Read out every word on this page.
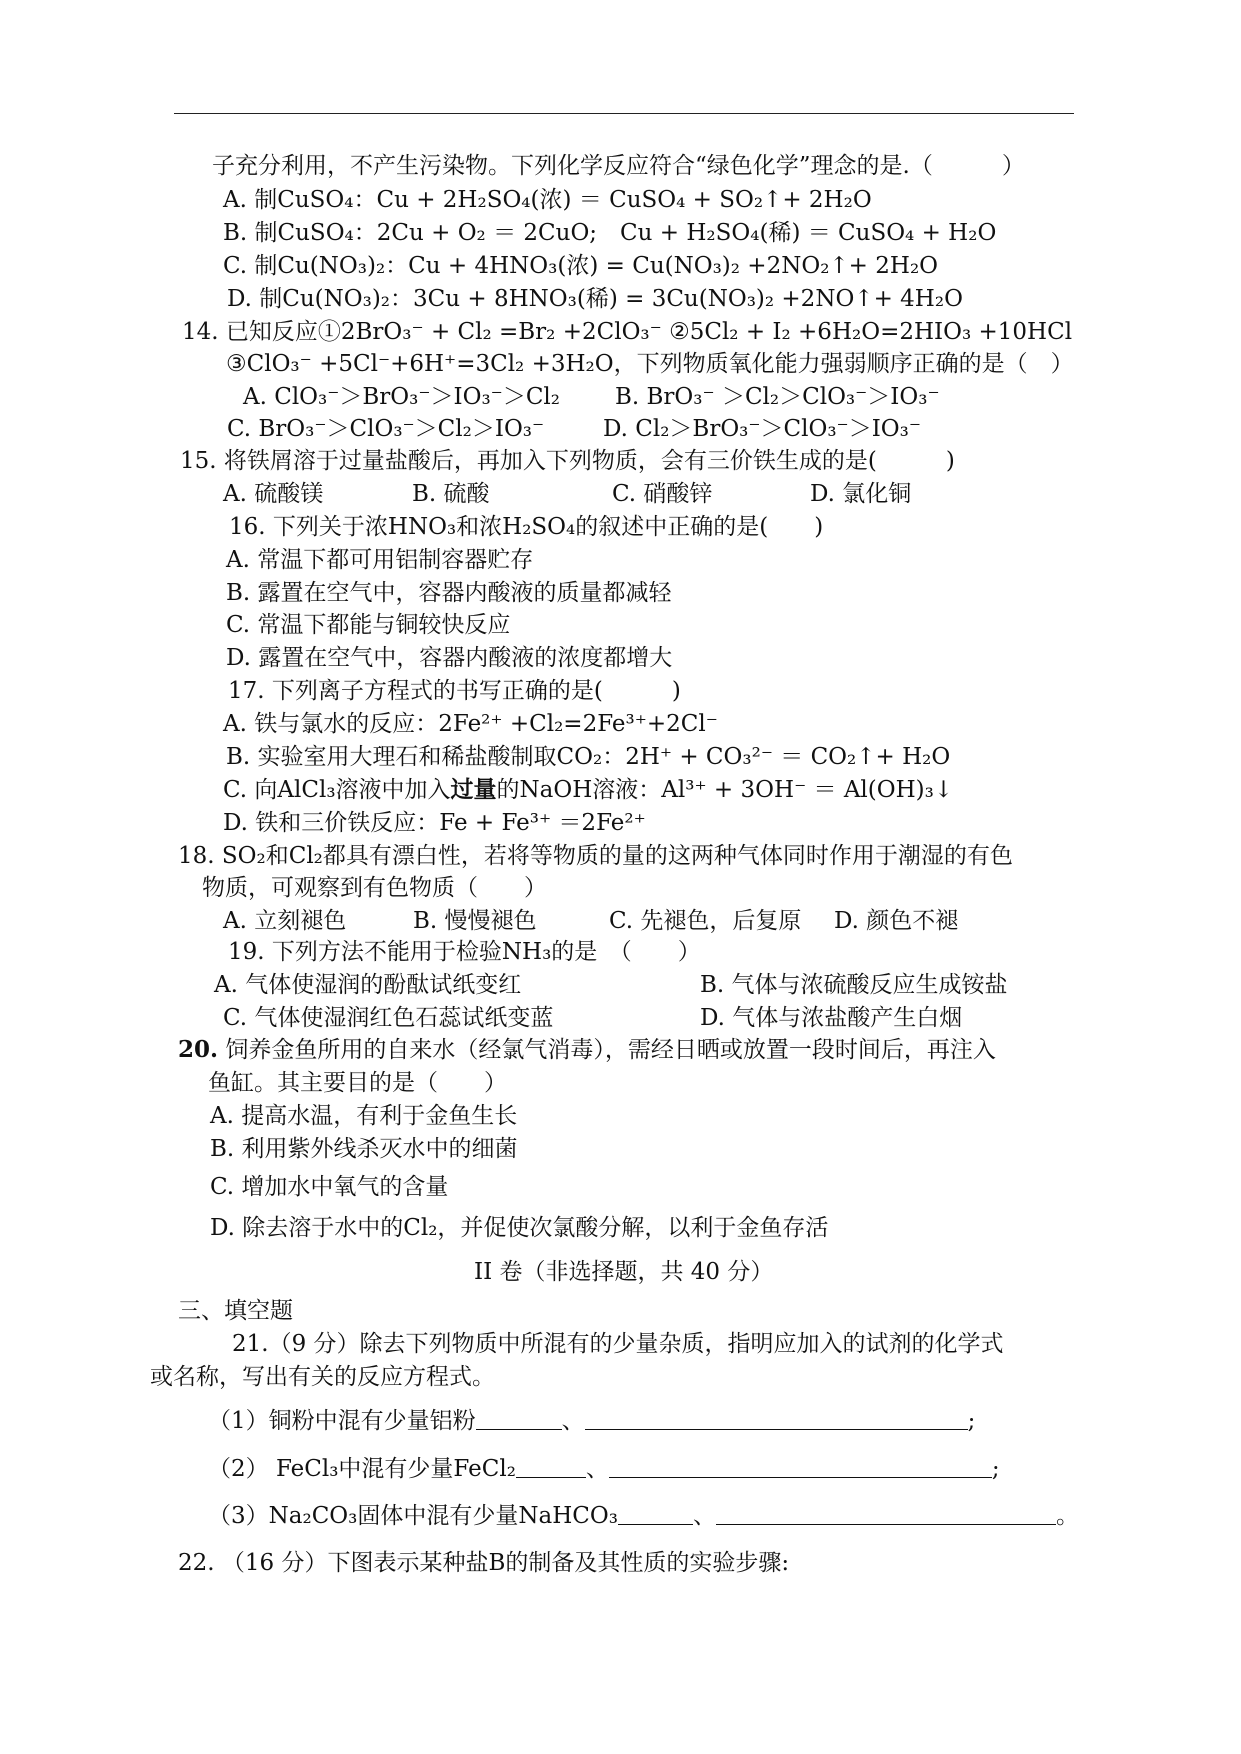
子充分利用，不产生污染物。下列化学反应符合“绿色化学”理念的是.（　　　）
A. 制CuSO₄：Cu + 2H₂SO₄(浓) ＝ CuSO₄ + SO₂↑+ 2H₂O
B. 制CuSO₄：2Cu + O₂ ＝ 2CuO;　Cu + H₂SO₄(稀) ＝ CuSO₄ + H₂O
C. 制Cu(NO₃)₂：Cu + 4HNO₃(浓) = Cu(NO₃)₂ +2NO₂↑+ 2H₂O
D. 制Cu(NO₃)₂：3Cu + 8HNO₃(稀) = 3Cu(NO₃)₂ +2NO↑+ 4H₂O
14. 已知反应①2BrO₃⁻ + Cl₂ =Br₂ +2ClO₃⁻ ②5Cl₂ + I₂ +6H₂O=2HIO₃ +10HCl
③ClO₃⁻ +5Cl⁻+6H⁺=3Cl₂ +3H₂O，下列物质氧化能力强弱顺序正确的是（　）
A. ClO₃⁻＞BrO₃⁻＞IO₃⁻＞Cl₂ B. BrO₃⁻ ＞Cl₂＞ClO₃⁻＞IO₃⁻
C. BrO₃⁻＞ClO₃⁻＞Cl₂＞IO₃⁻	D. Cl₂＞BrO₃⁻＞ClO₃⁻＞IO₃⁻
15. 将铁屑溶于过量盐酸后，再加入下列物质，会有三价铁生成的是(　　　)
A. 硫酸镁	B. 硫酸	C. 硝酸锌	D. 氯化铜
16. 下列关于浓HNO₃和浓H₂SO₄的叙述中正确的是(　　)
A. 常温下都可用铝制容器贮存
B. 露置在空气中，容器内酸液的质量都减轻
C. 常温下都能与铜较快反应
D. 露置在空气中，容器内酸液的浓度都增大
17. 下列离子方程式的书写正确的是(　　　)
A. 铁与氯水的反应：2Fe²⁺ +Cl₂=2Fe³⁺+2Cl⁻
B. 实验室用大理石和稀盐酸制取CO₂：2H⁺ + CO₃²⁻ ＝ CO₂↑+ H₂O
C. 向AlCl₃溶液中加入过量的NaOH溶液：Al³⁺ + 3OH⁻ ＝ Al(OH)₃↓
D. 铁和三价铁反应：Fe + Fe³⁺ ＝2Fe²⁺
18. SO₂和Cl₂都具有漂白性，若将等物质的量的这两种气体同时作用于潮湿的有色
物质，可观察到有色物质（　　）
A. 立刻褪色	B. 慢慢褪色	C. 先褪色，后复原 D. 颜色不褪
19. 下列方法不能用于检验NH₃的是　（　　）
A. 气体使湿润的酚酞试纸变红	B. 气体与浓硫酸反应生成铵盐
C. 气体使湿润红色石蕊试纸变蓝	D. 气体与浓盐酸产生白烟
20. 饲养金鱼所用的自来水（经氯气消毒），需经日晒或放置一段时间后，再注入
鱼缸。其主要目的是（　　）
A. 提高水温，有利于金鱼生长
B. 利用紫外线杀灭水中的细菌
C. 增加水中氧气的含量
D. 除去溶于水中的Cl₂，并促使次氯酸分解，以利于金鱼存活
II 卷（非选择题，共 40 分）
三、填空题
21.（9 分）除去下列物质中所混有的少量杂质，指明应加入的试剂的化学式
或名称，写出有关的反应方程式。
（1）铜粉中混有少量铝粉	、	;
（2） FeCl₃中混有少量FeCl₂	、	;
（3）Na₂CO₃固体中混有少量NaHCO₃	、	。
22. （16 分）下图表示某种盐B的制备及其性质的实验步骤:
